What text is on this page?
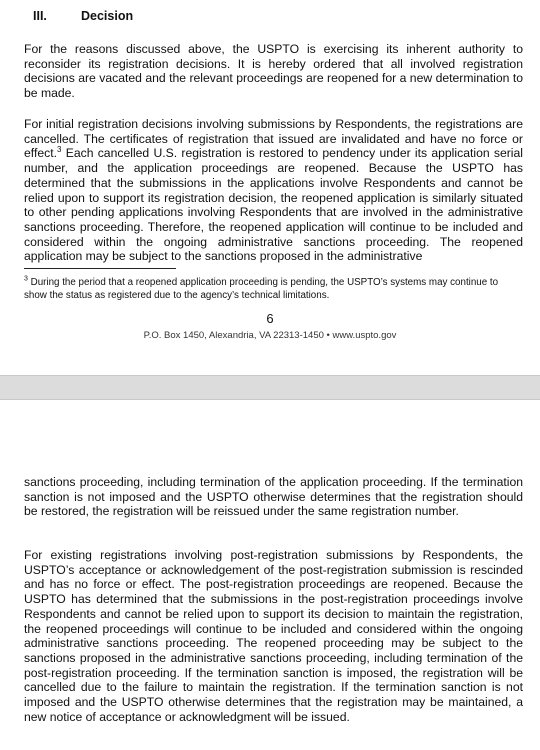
III.	Decision

For the reasons discussed above, the USPTO is exercising its inherent authority to reconsider its registration decisions. It is hereby ordered that all involved registration decisions are vacated and the relevant proceedings are reopened for a new determination to be made.

For initial registration decisions involving submissions by Respondents, the registrations are cancelled. The certificates of registration that issued are invalidated and have no force or effect.$^3$ Each cancelled U.S. registration is restored to pendency under its application serial number, and the application proceedings are reopened. Because the USPTO has determined that the submissions in the applications involve Respondents and cannot be relied upon to support its registration decision, the reopened application is similarly situated to other pending applications involving Respondents that are involved in the administrative sanctions proceeding. Therefore, the reopened application will continue to be included and considered within the ongoing administrative sanctions proceeding. The reopened application may be subject to the sanctions proposed in the administrative

$^3$ During the period that a reopened application proceeding is pending, the USPTO’s systems may continue to show the status as registered due to the agency’s technical limitations.

6
P.O. Box 1450, Alexandria, VA 22313-1450 • www.uspto.gov

sanctions proceeding, including termination of the application proceeding. If the termination sanction is not imposed and the USPTO otherwise determines that the registration should be restored, the registration will be reissued under the same registration number.

For existing registrations involving post-registration submissions by Respondents, the USPTO’s acceptance or acknowledgement of the post-registration submission is rescinded and has no force or effect. The post-registration proceedings are reopened. Because the USPTO has determined that the submissions in the post-registration proceedings involve Respondents and cannot be relied upon to support its decision to maintain the registration, the reopened proceedings will continue to be included and considered within the ongoing administrative sanctions proceeding. The reopened proceeding may be subject to the sanctions proposed in the administrative sanctions proceeding, including termination of the post-registration proceeding. If the termination sanction is imposed, the registration will be cancelled due to the failure to maintain the registration. If the termination sanction is not imposed and the USPTO otherwise determines that the registration may be maintained, a new notice of acceptance or acknowledgment will be issued.
